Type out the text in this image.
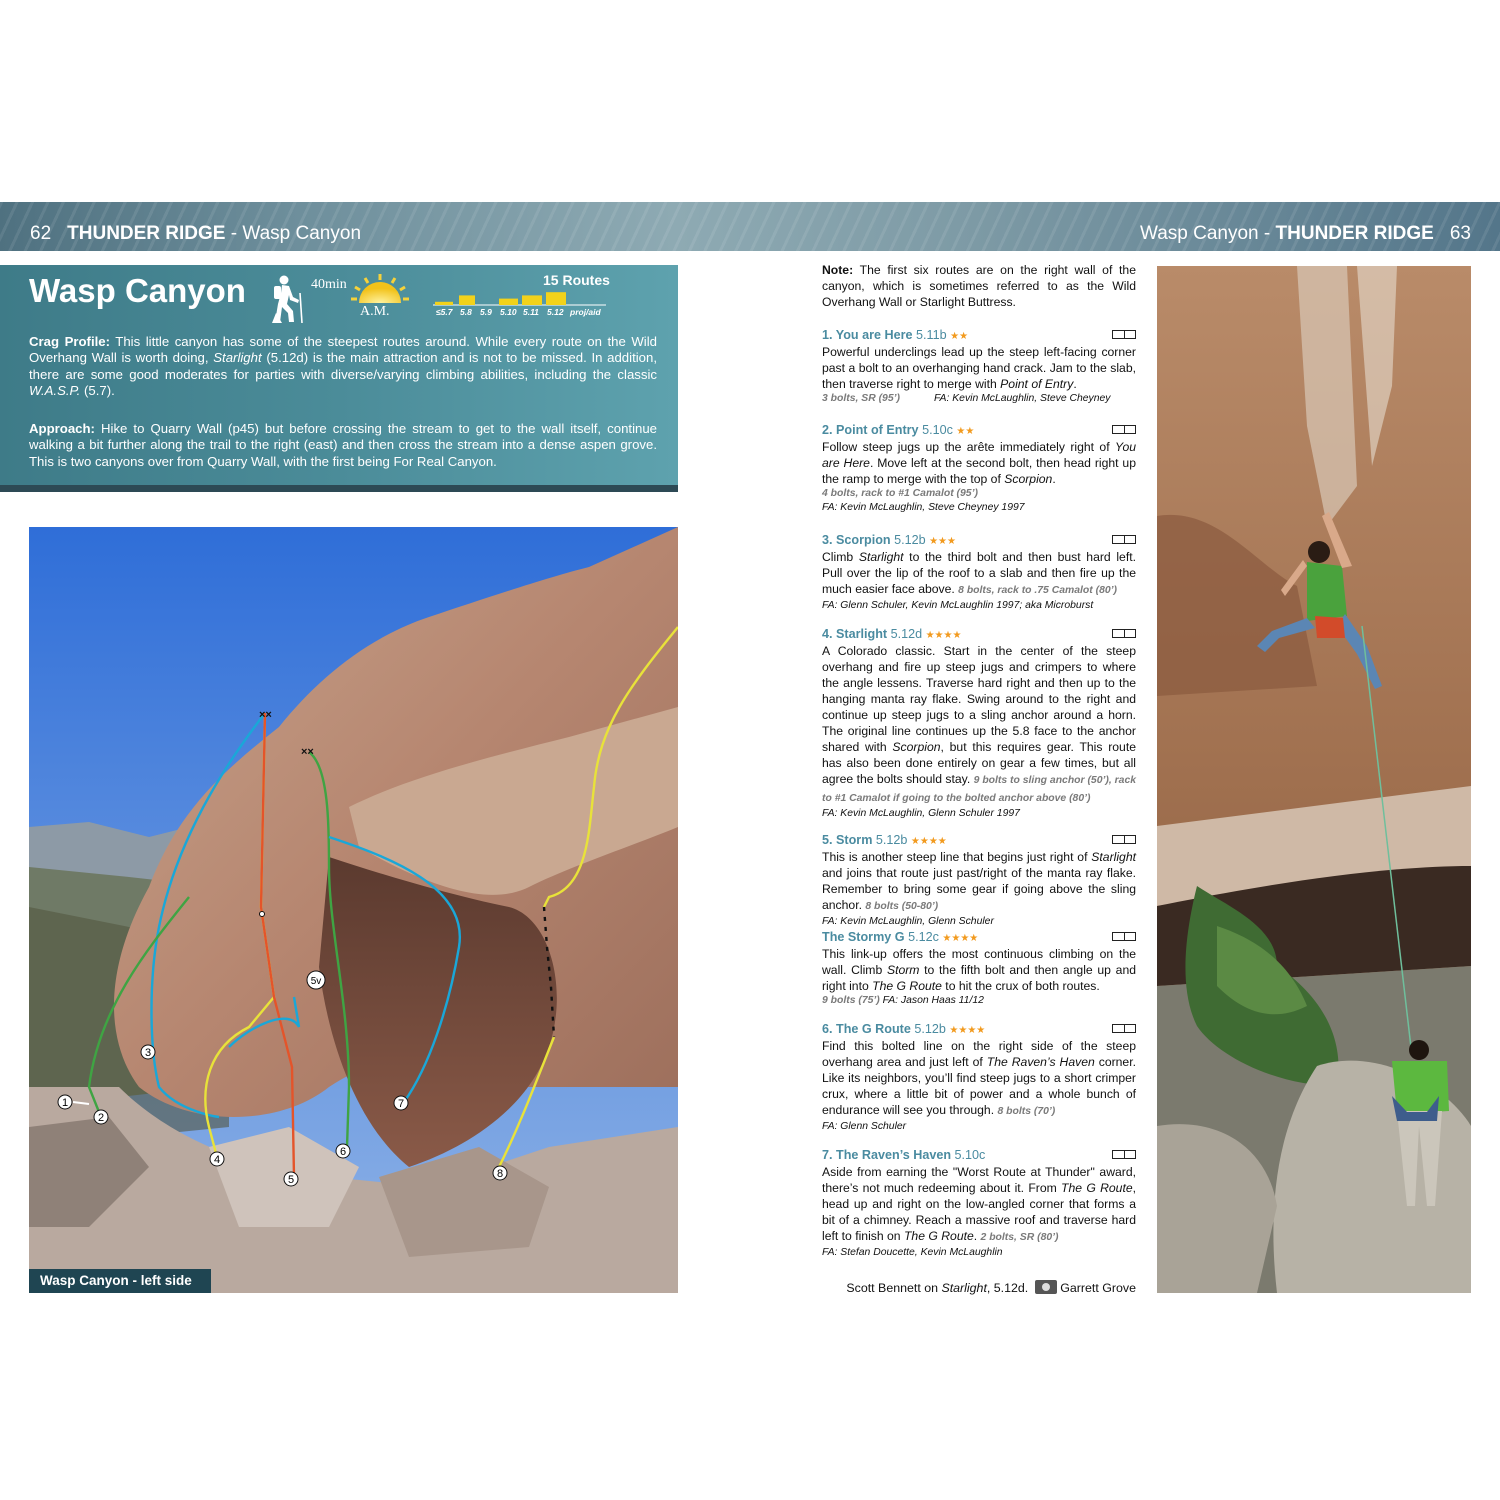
62 THUNDER RIDGE - Wasp Canyon	Wasp Canyon - THUNDER RIDGE 63
Wasp Canyon	40min
A.M.
15 Routes
≤5.7 5.8 5.9 5.10 5.11 5.12 proj/aid
Crag Profile: This little canyon has some of the steepest routes around. While every route on the Wild Overhang Wall is worth doing, Starlight (5.12d) is the main attraction and is not to be missed. In addition, there are some good moderates for parties with diverse/varying climbing abilities, including the classic W.A.S.P. (5.7).
Approach: Hike to Quarry Wall (p45) but before crossing the stream to get to the wall itself, continue walking a bit further along the trail to the right (east) and then cross the stream into a dense aspen grove. This is two canyons over from Quarry Wall, with the first being For Real Canyon.
××
××
1
2
3
4
5
5v
6
7
8
Wasp Canyon - left side
Note: The first six routes are on the right wall of the canyon, which is sometimes referred to as the Wild Overhang Wall or Starlight Buttress.
1. You are Here 5.11b ★★
Powerful underclings lead up the steep left-facing corner past a bolt to an overhanging hand crack. Jam to the slab, then traverse right to merge with Point of Entry.
3 bolts, SR (95’)	FA: Kevin McLaughlin, Steve Cheyney
2. Point of Entry 5.10c ★★
Follow steep jugs up the arête immediately right of You are Here. Move left at the second bolt, then head right up the ramp to merge with the top of Scorpion.
4 bolts, rack to #1 Camalot (95’)
FA: Kevin McLaughlin, Steve Cheyney 1997
3. Scorpion 5.12b ★★★
Climb Starlight to the third bolt and then bust hard left. Pull over the lip of the roof to a slab and then fire up the much easier face above. 8 bolts, rack to .75 Camalot (80’)
FA: Glenn Schuler, Kevin McLaughlin 1997; aka Microburst
4. Starlight 5.12d ★★★★
A Colorado classic. Start in the center of the steep overhang and fire up steep jugs and crimpers to where the angle lessens. Traverse hard right and then up to the hanging manta ray flake. Swing around to the right and continue up steep jugs to a sling anchor around a horn. The original line continues up the 5.8 face to the anchor shared with Scorpion, but this requires gear. This route has also been done entirely on gear a few times, but all agree the bolts should stay. 9 bolts to sling anchor (50’), rack to #1 Camalot if going to the bolted anchor above (80’)
FA: Kevin McLaughlin, Glenn Schuler 1997
5. Storm 5.12b ★★★★
This is another steep line that begins just right of Starlight and joins that route just past/right of the manta ray flake. Remember to bring some gear if going above the sling anchor. 8 bolts (50-80’)
FA: Kevin McLaughlin, Glenn Schuler
The Stormy G 5.12c ★★★★
This link-up offers the most continuous climbing on the wall. Climb Storm to the fifth bolt and then angle up and right into The G Route to hit the crux of both routes.
9 bolts (75’) FA: Jason Haas 11/12
6. The G Route 5.12b ★★★★
Find this bolted line on the right side of the steep overhang area and just left of The Raven’s Haven corner. Like its neighbors, you’ll find steep jugs to a short crimper crux, where a little bit of power and a whole bunch of endurance will see you through. 8 bolts (70’)
FA: Glenn Schuler
7. The Raven’s Haven 5.10c
Aside from earning the "Worst Route at Thunder" award, there’s not much redeeming about it. From The G Route, head up and right on the low-angled corner that forms a bit of a chimney. Reach a massive roof and traverse hard left to finish on The G Route. 2 bolts, SR (80’)
FA: Stefan Doucette, Kevin McLaughlin
Scott Bennett on Starlight, 5.12d.	Garrett Grove
